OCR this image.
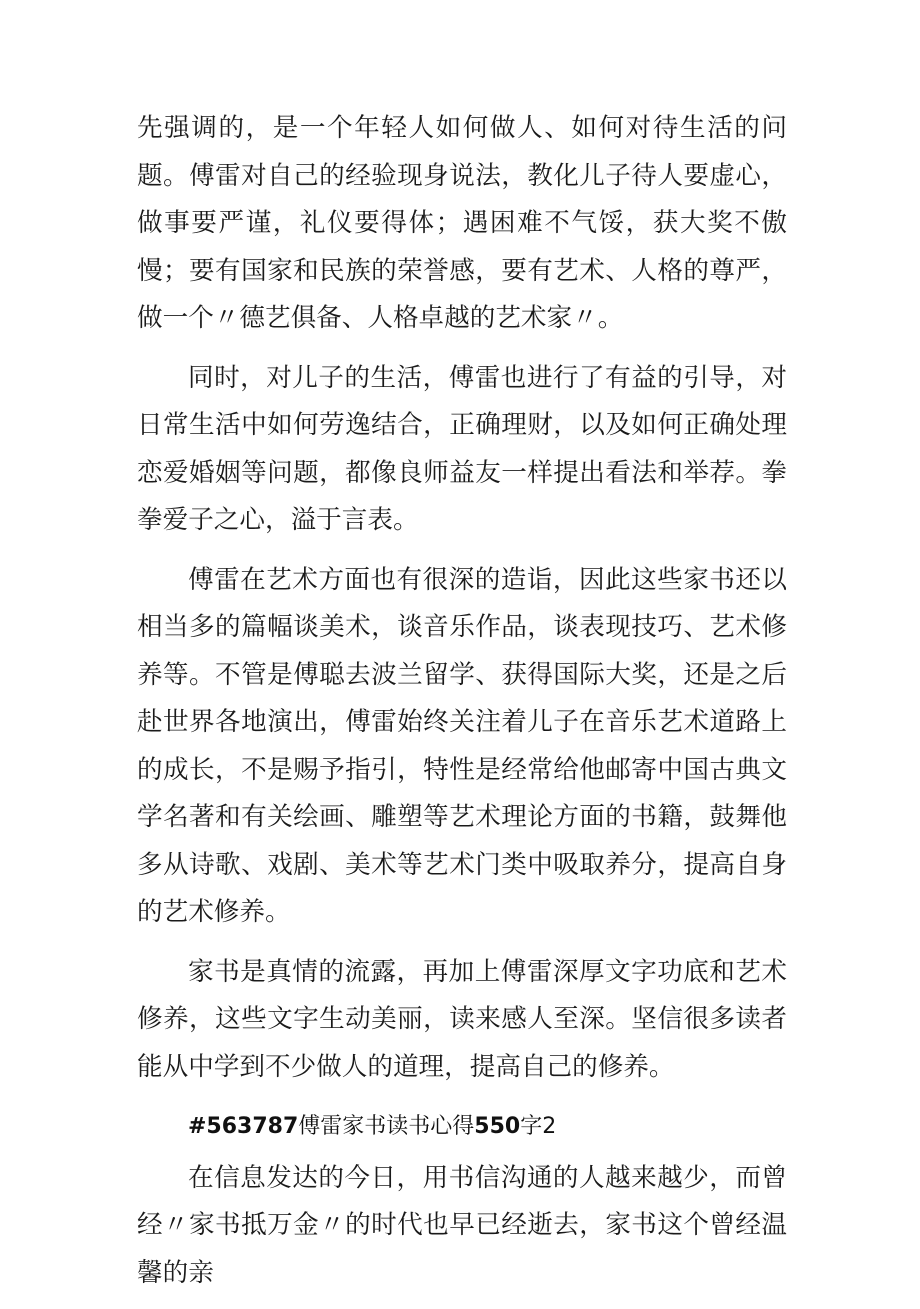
先强调的，是一个年轻人如何做人、如何对待生活的问题。傅雷对自己的经验现身说法，教化儿子待人要虚心，做事要严谨，礼仪要得体；遇困难不气馁，获大奖不傲慢；要有国家和民族的荣誉感，要有艺术、人格的尊严，做一个〃德艺俱备、人格卓越的艺术家〃。

同时，对儿子的生活，傅雷也进行了有益的引导，对日常生活中如何劳逸结合，正确理财，以及如何正确处理恋爱婚姻等问题，都像良师益友一样提出看法和举荐。拳拳爱子之心，溢于言表。

傅雷在艺术方面也有很深的造诣，因此这些家书还以相当多的篇幅谈美术，谈音乐作品，谈表现技巧、艺术修养等。不管是傅聪去波兰留学、获得国际大奖，还是之后赴世界各地演出，傅雷始终关注着儿子在音乐艺术道路上的成长，不是赐予指引，特性是经常给他邮寄中国古典文学名著和有关绘画、雕塑等艺术理论方面的书籍，鼓舞他多从诗歌、戏剧、美术等艺术门类中吸取养分，提高自身的艺术修养。

家书是真情的流露，再加上傅雷深厚文字功底和艺术修养，这些文字生动美丽，读来感人至深。坚信很多读者能从中学到不少做人的道理，提高自己的修养。

#563787傅雷家书读书心得550字2

在信息发达的今日，用书信沟通的人越来越少，而曾经〃家书抵万金〃的时代也早已经逝去，家书这个曾经温馨的亲
